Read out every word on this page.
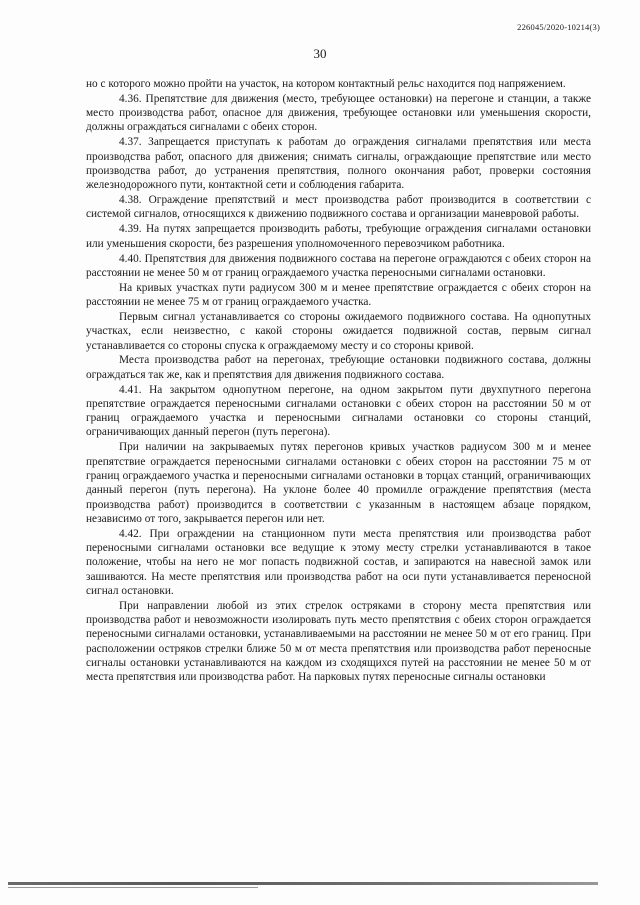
226045/2020-10214(3)
30

но с которого можно пройти на участок, на котором контактный рельс находится под напряжением.

4.36. Препятствие для движения (место, требующее остановки) на перегоне и станции, а также место производства работ, опасное для движения, требующее остановки или уменьшения скорости, должны ограждаться сигналами с обеих сторон.

4.37. Запрещается приступать к работам до ограждения сигналами препятствия или места производства работ, опасного для движения; снимать сигналы, ограждающие препятствие или место производства работ, до устранения препятствия, полного окончания работ, проверки состояния железнодорожного пути, контактной сети и соблюдения габарита.

4.38. Ограждение препятствий и мест производства работ производится в соответствии с системой сигналов, относящихся к движению подвижного состава и организации маневровой работы.

4.39. На путях запрещается производить работы, требующие ограждения сигналами остановки или уменьшения скорости, без разрешения уполномоченного перевозчиком работника.

4.40. Препятствия для движения подвижного состава на перегоне ограждаются с обеих сторон на расстоянии не менее 50 м от границ ограждаемого участка переносными сигналами остановки.

На кривых участках пути радиусом 300 м и менее препятствие ограждается с обеих сторон на расстоянии не менее 75 м от границ ограждаемого участка.

Первым сигнал устанавливается со стороны ожидаемого подвижного состава. На однопутных участках, если неизвестно, с какой стороны ожидается подвижной состав, первым сигнал устанавливается со стороны спуска к ограждаемому месту и со стороны кривой.

Места производства работ на перегонах, требующие остановки подвижного состава, должны ограждаться так же, как и препятствия для движения подвижного состава.

4.41. На закрытом однопутном перегоне, на одном закрытом пути двухпутного перегона препятствие ограждается переносными сигналами остановки с обеих сторон на расстоянии 50 м от границ ограждаемого участка и переносными сигналами остановки со стороны станций, ограничивающих данный перегон (путь перегона).

При наличии на закрываемых путях перегонов кривых участков радиусом 300 м и менее препятствие ограждается переносными сигналами остановки с обеих сторон на расстоянии 75 м от границ ограждаемого участка и переносными сигналами остановки в торцах станций, ограничивающих данный перегон (путь перегона). На уклоне более 40 промилле ограждение препятствия (места производства работ) производится в соответствии с указанным в настоящем абзаце порядком, независимо от того, закрывается перегон или нет.

4.42. При ограждении на станционном пути места препятствия или производства работ переносными сигналами остановки все ведущие к этому месту стрелки устанавливаются в такое положение, чтобы на него не мог попасть подвижной состав, и запираются на навесной замок или зашиваются. На месте препятствия или производства работ на оси пути устанавливается переносной сигнал остановки.

При направлении любой из этих стрелок остряками в сторону места препятствия или производства работ и невозможности изолировать путь место препятствия с обеих сторон ограждается переносными сигналами остановки, устанавливаемыми на расстоянии не менее 50 м от его границ. При расположении остряков стрелки ближе 50 м от места препятствия или производства работ переносные сигналы остановки устанавливаются на каждом из сходящихся путей на расстоянии не менее 50 м от места препятствия или производства работ. На парковых путях переносные сигналы остановки
